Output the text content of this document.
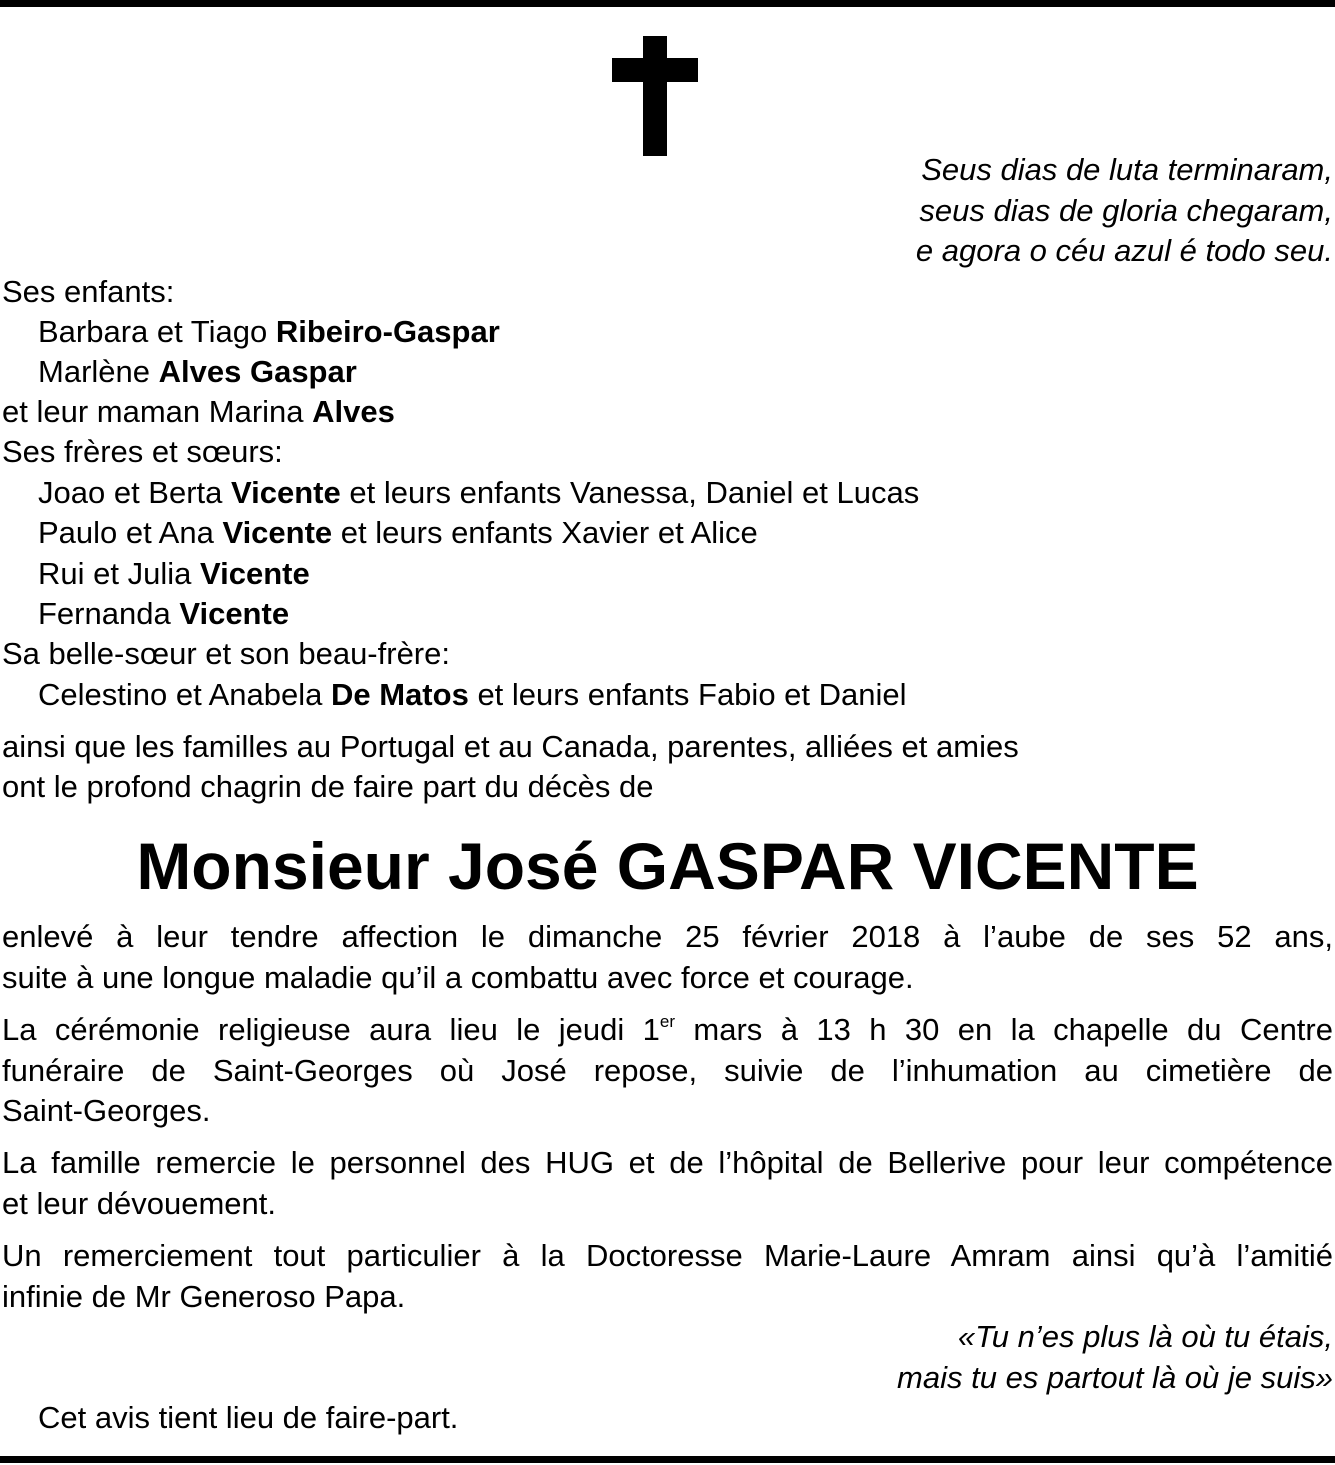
Seus dias de luta terminaram,
seus dias de gloria chegaram,
e agora o céu azul é todo seu.
Ses enfants:
Barbara et Tiago Ribeiro-Gaspar
Marlène Alves Gaspar
et leur maman Marina Alves
Ses frères et sœurs:
Joao et Berta Vicente et leurs enfants Vanessa, Daniel et Lucas
Paulo et Ana Vicente et leurs enfants Xavier et Alice
Rui et Julia Vicente
Fernanda Vicente
Sa belle-sœur et son beau-frère:
Celestino et Anabela De Matos et leurs enfants Fabio et Daniel
ainsi que les familles au Portugal et au Canada, parentes, alliées et amies
ont le profond chagrin de faire part du décès de
Monsieur José GASPAR VICENTE
enlevé à leur tendre affection le dimanche 25 février 2018 à l’aube de ses 52 ans,
suite à une longue maladie qu’il a combattu avec force et courage.
La cérémonie religieuse aura lieu le jeudi 1er mars à 13 h 30 en la chapelle du Centre
funéraire de Saint-Georges où José repose, suivie de l’inhumation au cimetière de
Saint-Georges.
La famille remercie le personnel des HUG et de l’hôpital de Bellerive pour leur compétence
et leur dévouement.
Un remerciement tout particulier à la Doctoresse Marie-Laure Amram ainsi qu’à l’amitié
infinie de Mr Generoso Papa.
«Tu n’es plus là où tu étais,
mais tu es partout là où je suis»
Cet avis tient lieu de faire-part.
